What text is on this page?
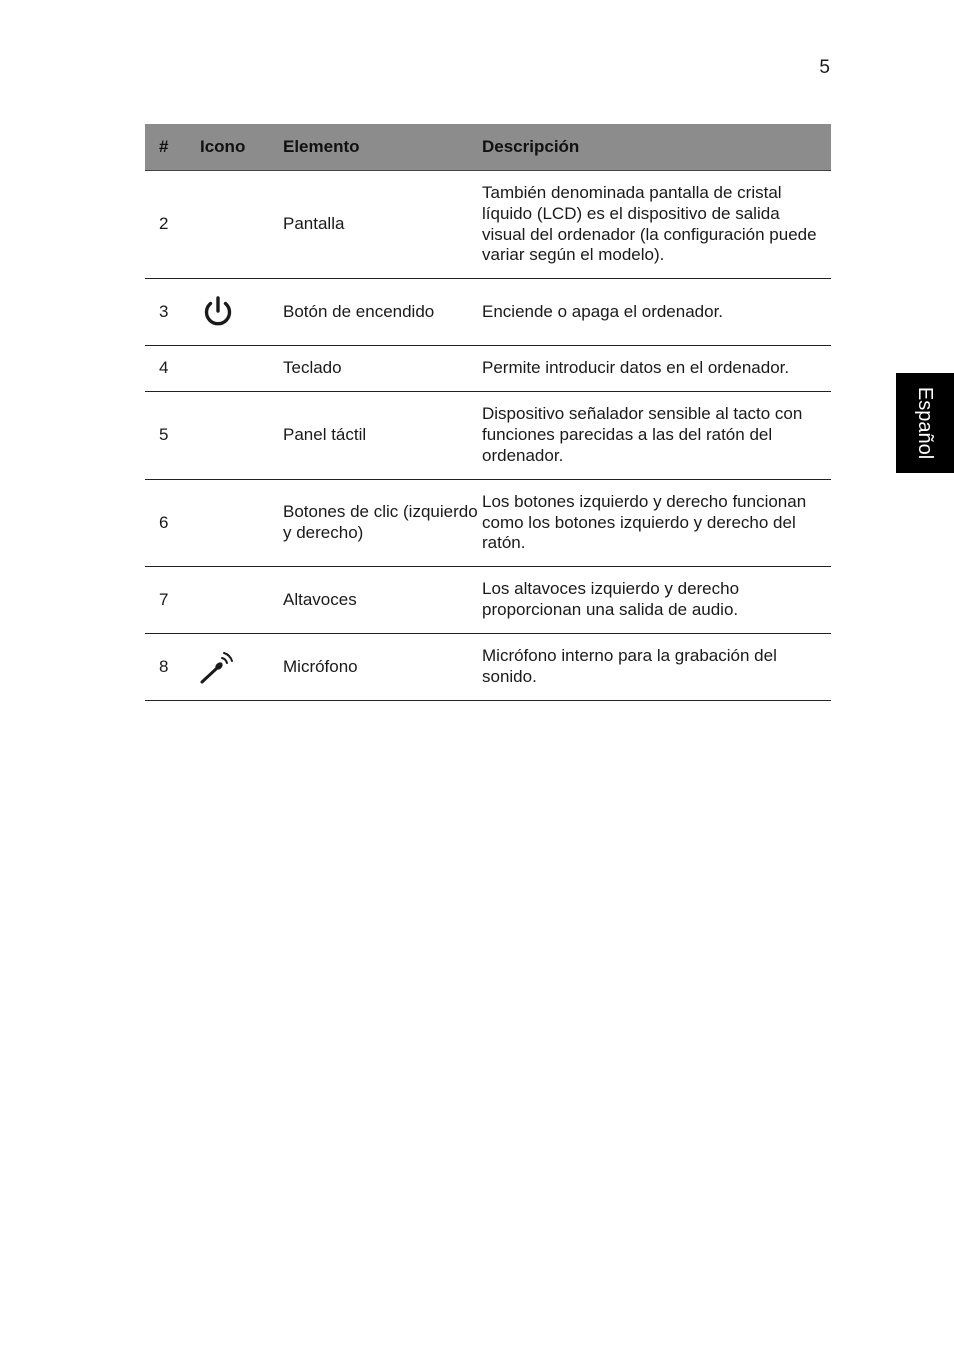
5
Español
#	Icono	Elemento	Descripción
2		Pantalla	También denominada pantalla de cristal líquido (LCD) es el dispositivo de salida visual del ordenador (la configuración puede variar según el modelo).
3		Botón de encendido	Enciende o apaga el ordenador.
4		Teclado	Permite introducir datos en el ordenador.
5		Panel táctil	Dispositivo señalador sensible al tacto con funciones parecidas a las del ratón del ordenador.
6		Botones de clic (izquierdo y derecho)	Los botones izquierdo y derecho funcionan como los botones izquierdo y derecho del ratón.
7		Altavoces	Los altavoces izquierdo y derecho proporcionan una salida de audio.
8		Micrófono	Micrófono interno para la grabación del sonido.
